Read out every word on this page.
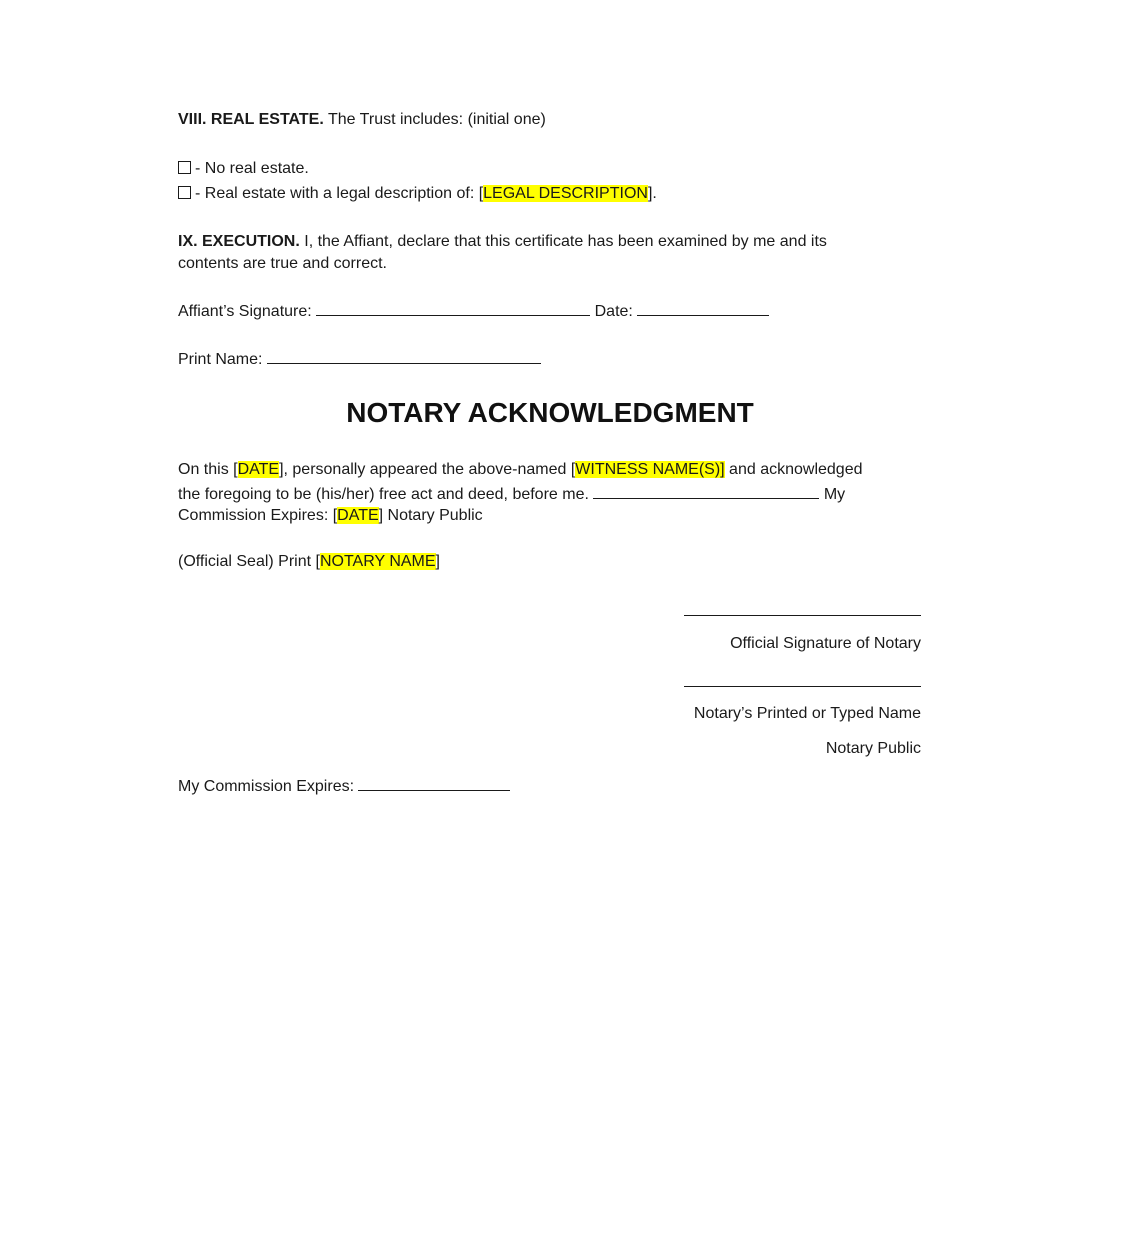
VIII. REAL ESTATE. The Trust includes: (initial one)
- No real estate.
- Real estate with a legal description of: [LEGAL DESCRIPTION].
IX. EXECUTION. I, the Affiant, declare that this certificate has been examined by me and its
contents are true and correct.
Affiant’s Signature:	Date:
Print Name:
NOTARY ACKNOWLEDGMENT
On this [DATE], personally appeared the above-named [WITNESS NAME(S)] and acknowledged
the foregoing to be (his/her) free act and deed, before me.	My
Commission Expires: [DATE] Notary Public
(Official Seal) Print [NOTARY NAME]
Official Signature of Notary
Notary’s Printed or Typed Name
Notary Public
My Commission Expires:
